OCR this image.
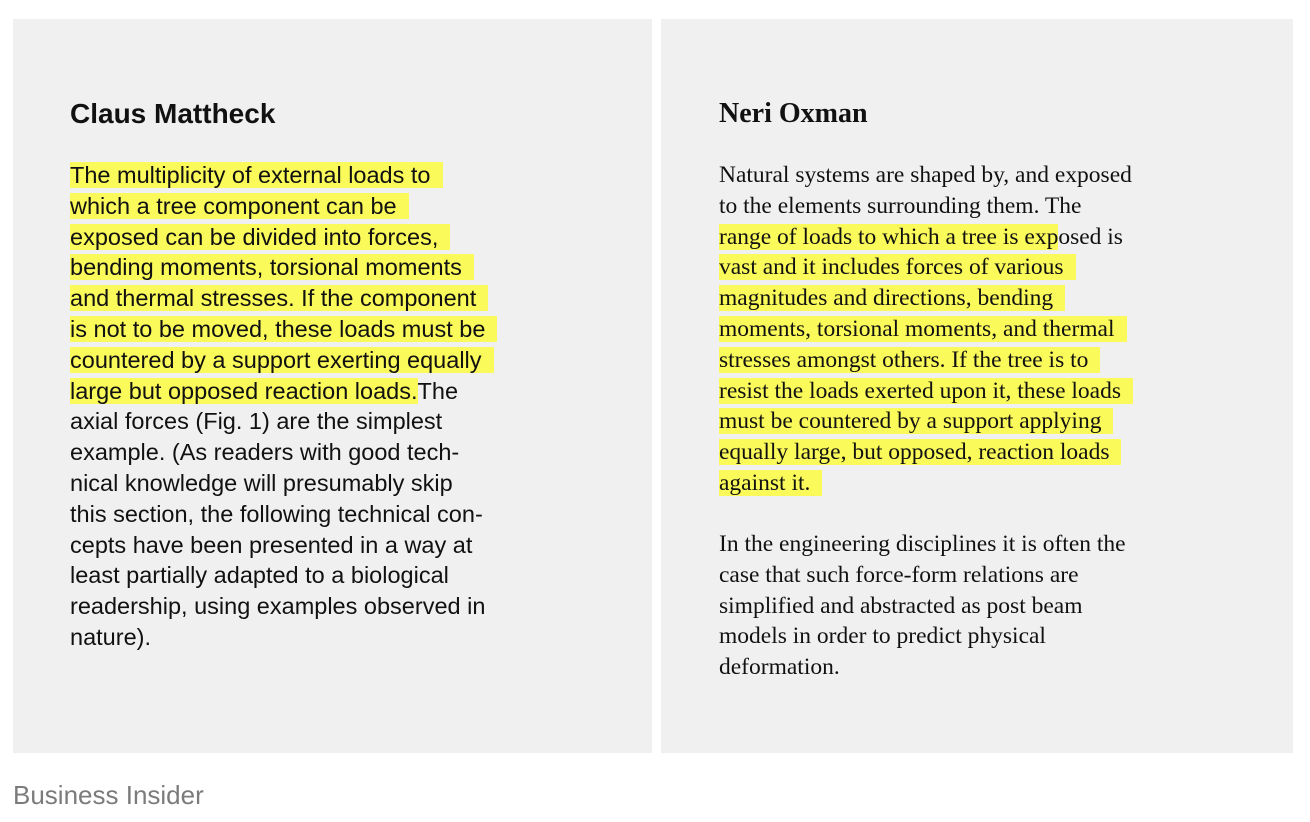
Claus Mattheck
The multiplicity of external loads to
which a tree component can be
exposed can be divided into forces,
bending moments, torsional moments
and thermal stresses. If the component
is not to be moved, these loads must be
countered by a support exerting equally
large but opposed reaction loads.The
axial forces (Fig. 1) are the simplest
example. (As readers with good tech-
nical knowledge will presumably skip
this section, the following technical con-
cepts have been presented in a way at
least partially adapted to a biological
readership, using examples observed in
nature).
Neri Oxman
Natural systems are shaped by, and exposed
to the elements surrounding them. The
range of loads to which a tree is exposed is
vast and it includes forces of various
magnitudes and directions, bending
moments, torsional moments, and thermal
stresses amongst others. If the tree is to
resist the loads exerted upon it, these loads
must be countered by a support applying
equally large, but opposed, reaction loads
against it.
In the engineering disciplines it is often the
case that such force-form relations are
simplified and abstracted as post beam
models in order to predict physical
deformation.

Business Insider
